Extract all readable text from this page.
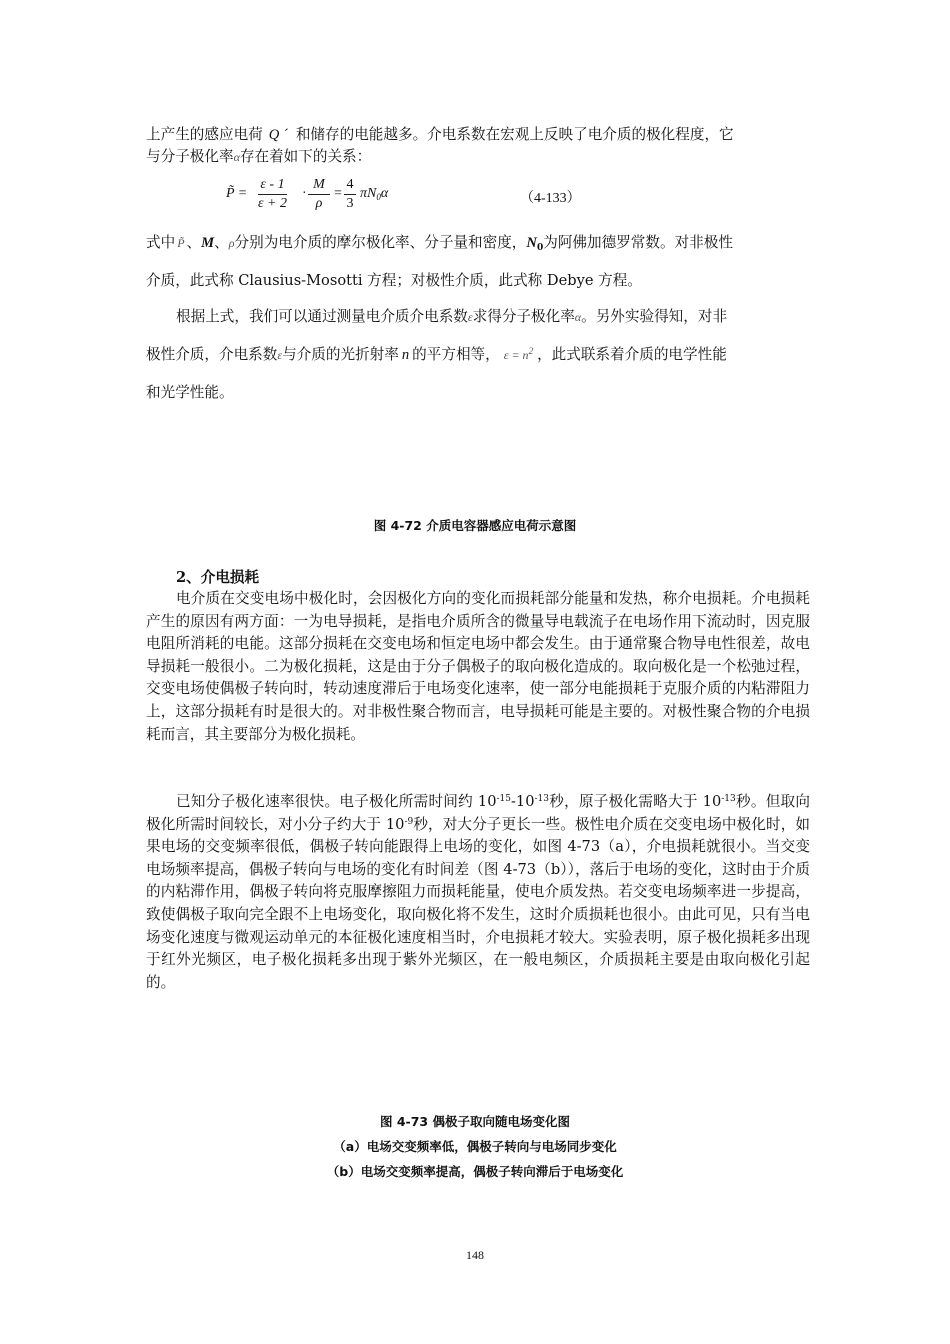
上产生的感应电荷 Q ´ 和储存的电能越多。介电系数在宏观上反映了电介质的极化程度，它
与分子极化率α存在着如下的关系：
P̃ = $\frac{\varepsilon - 1}{\varepsilon + 2} \cdot \frac{M}{\rho} = \frac{4}{3} \pi N_0\alpha$	（4-133）
式中 P̃ 、M、ρ分别为电介质的摩尔极化率、分子量和密度，$N_0$为阿佛加德罗常数。对非极性
介质，此式称 Clausius-Mosotti 方程；对极性介质，此式称 Debye 方程。
根据上式，我们可以通过测量电介质介电系数ε求得分子极化率α。另外实验得知，对非
极性介质，介电系数ε与介质的光折射率 n 的平方相等， $\varepsilon = n^2$ ，此式联系着介质的电学性能
和光学性能。
图 4-72 介质电容器感应电荷示意图
2、介电损耗
电介质在交变电场中极化时，会因极化方向的变化而损耗部分能量和发热，称介电损耗。介电损耗产生的原因有两方面：一为电导损耗，是指电介质所含的微量导电载流子在电场作用下流动时，因克服电阻所消耗的电能。这部分损耗在交变电场和恒定电场中都会发生。由于通常聚合物导电性很差，故电导损耗一般很小。二为极化损耗，这是由于分子偶极子的取向极化造成的。取向极化是一个松弛过程，交变电场使偶极子转向时，转动速度滞后于电场变化速率，使一部分电能损耗于克服介质的内粘滞阻力上，这部分损耗有时是很大的。对非极性聚合物而言，电导损耗可能是主要的。对极性聚合物的介电损耗而言，其主要部分为极化损耗。
已知分子极化速率很快。电子极化所需时间约 $10^{-15}-10^{-13}$秒，原子极化需略大于 $10^{-13}$秒。但取向极化所需时间较长，对小分子约大于 $10^{-9}$秒，对大分子更长一些。极性电介质在交变电场中极化时，如果电场的交变频率很低，偶极子转向能跟得上电场的变化，如图 4-73（a），介电损耗就很小。当交变电场频率提高，偶极子转向与电场的变化有时间差（图 4-73（b）），落后于电场的变化，这时由于介质的内粘滞作用，偶极子转向将克服摩擦阻力而损耗能量，使电介质发热。若交变电场频率进一步提高，致使偶极子取向完全跟不上电场变化，取向极化将不发生，这时介质损耗也很小。由此可见，只有当电场变化速度与微观运动单元的本征极化速度相当时，介电损耗才较大。实验表明，原子极化损耗多出现于红外光频区，电子极化损耗多出现于紫外光频区，在一般电频区，介质损耗主要是由取向极化引起的。
图 4-73 偶极子取向随电场变化图
（a）电场交变频率低，偶极子转向与电场同步变化
（b）电场交变频率提高，偶极子转向滞后于电场变化
148
